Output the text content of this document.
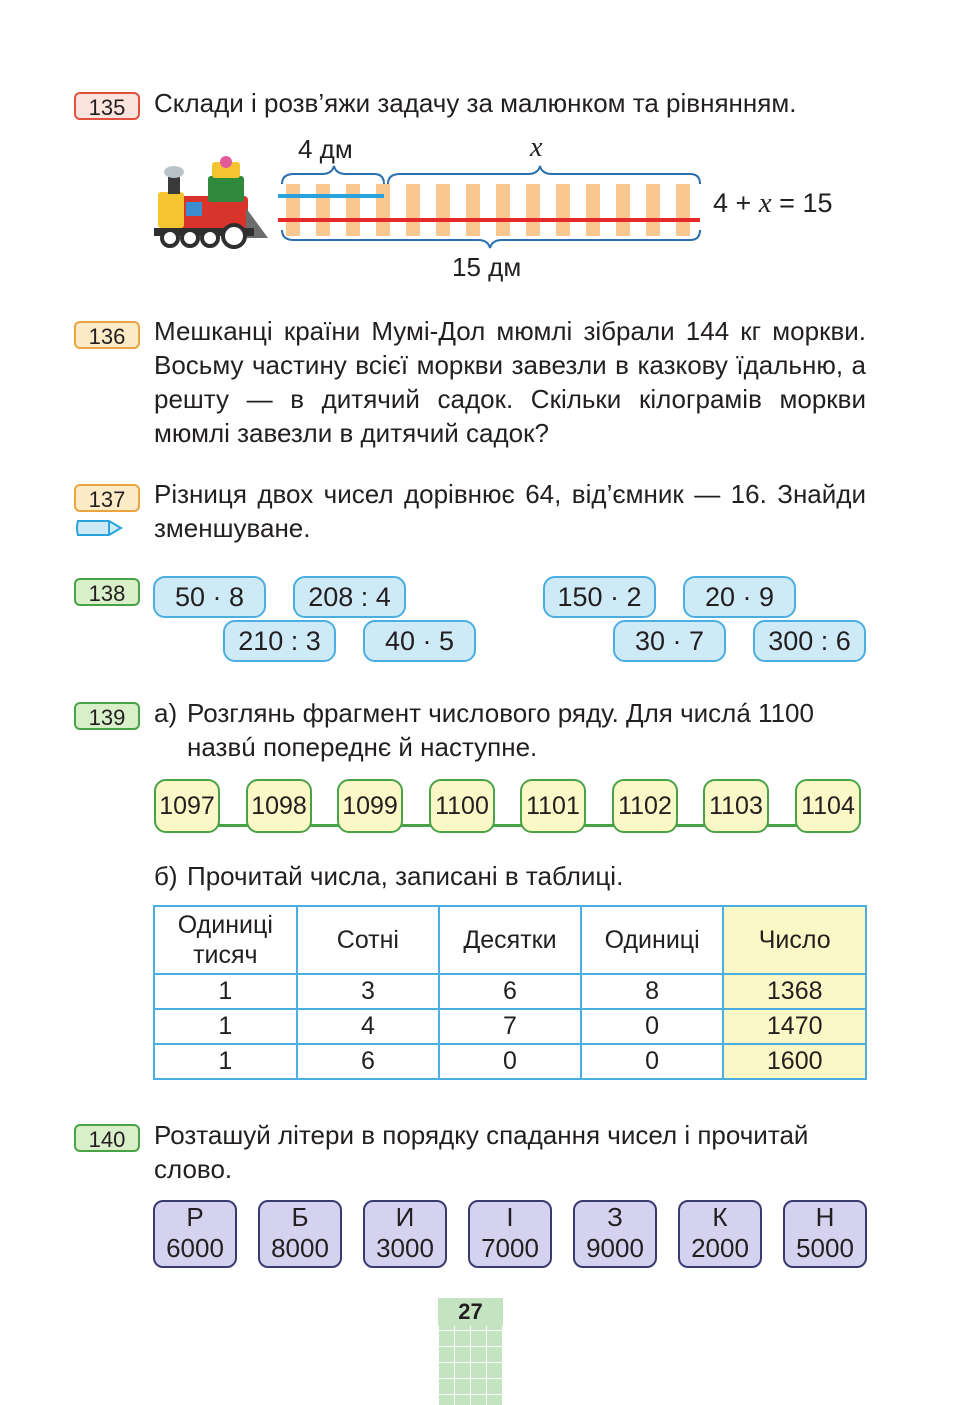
135	Склади і розв’яжи задачу за малюнком та рівнянням.
4 дм	x
15 дм
4 + x = 15
136	Мешканці країни Мумі-Дол мюмлі зібрали 144 кг моркви. Восьму частину всієї моркви завезли в казкову їдальню, а решту — в дитячий садок. Скільки кілограмів моркви мюмлі завезли в дитячий садок?
137	Різниця двох чисел дорівнює 64, від’ємник — 16. Знайди зменшуване.
138	50 · 8	208 : 4
210 : 3	40 · 5
150 · 2	20 · 9
30 · 7	300 : 6
139	а) Розглянь фрагмент числового ряду. Для числá 1100 назвú попереднє й наступне.
1097 1098 1099 1100 1101 1102 1103 1104
б) Прочитай числа, записані в таблиці.
Одиниці тисяч	Сотні	Десятки	Одиниці	Число
1	3	6	8	1368
1	4	7	0	1470
1	6	0	0	1600
140	Розташуй літери в порядку спадання чисел і прочитай слово.
Р
6000
Б
8000
И
3000
І
7000
З
9000
К
2000
Н
5000
27
